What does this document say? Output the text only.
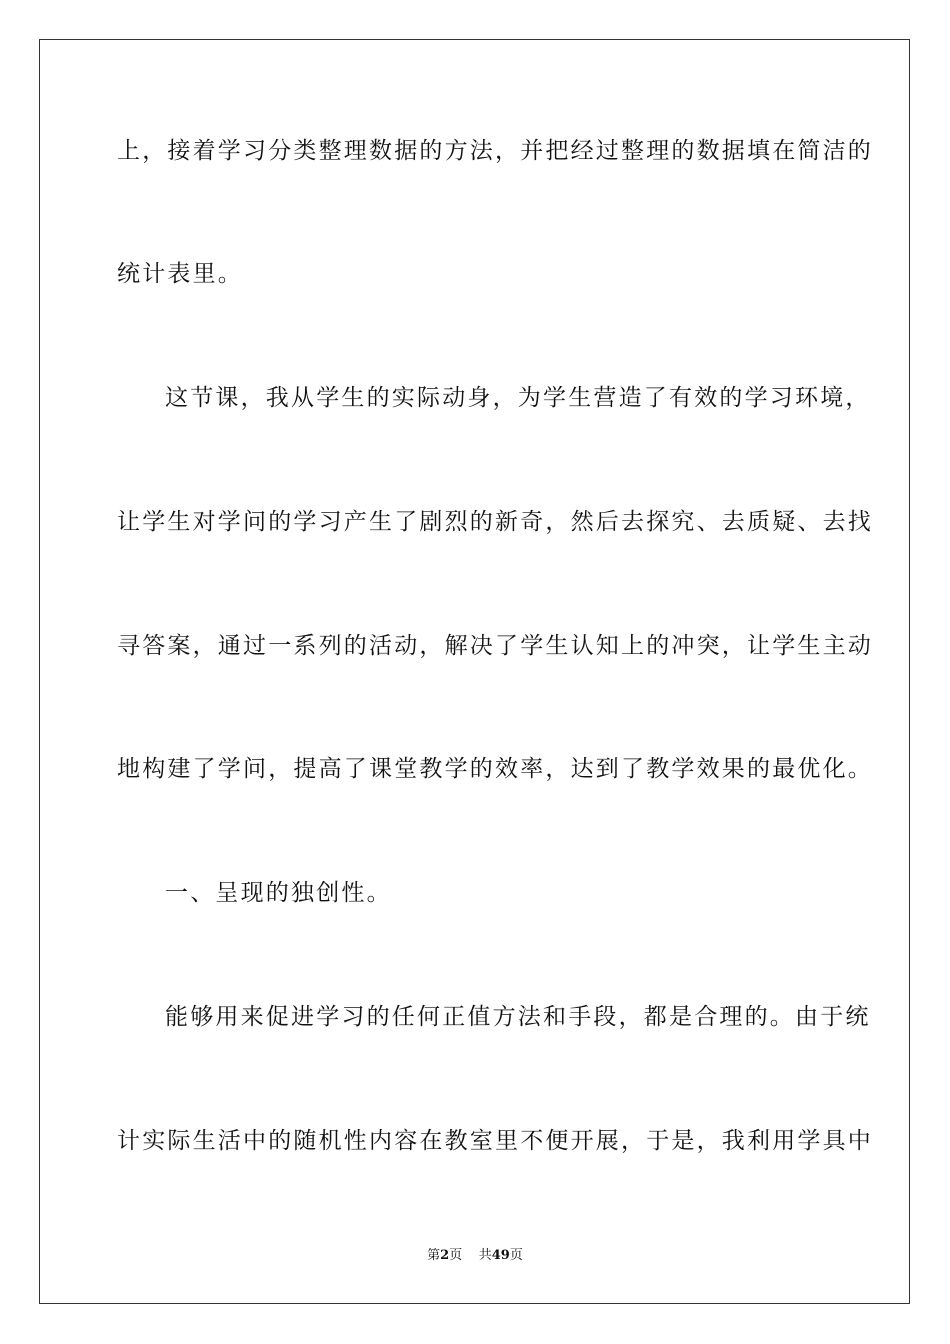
上，接着学习分类整理数据的方法，并把经过整理的数据填在简洁的
统计表里。
这节课，我从学生的实际动身，为学生营造了有效的学习环境，
让学生对学问的学习产生了剧烈的新奇，然后去探究、去质疑、去找
寻答案，通过一系列的活动，解决了学生认知上的冲突，让学生主动
地构建了学问，提高了课堂教学的效率，达到了教学效果的最优化。
一、呈现的独创性。
能够用来促进学习的任何正值方法和手段，都是合理的。由于统
计实际生活中的随机性内容在教室里不便开展，于是，我利用学具中
第2页 共49页
